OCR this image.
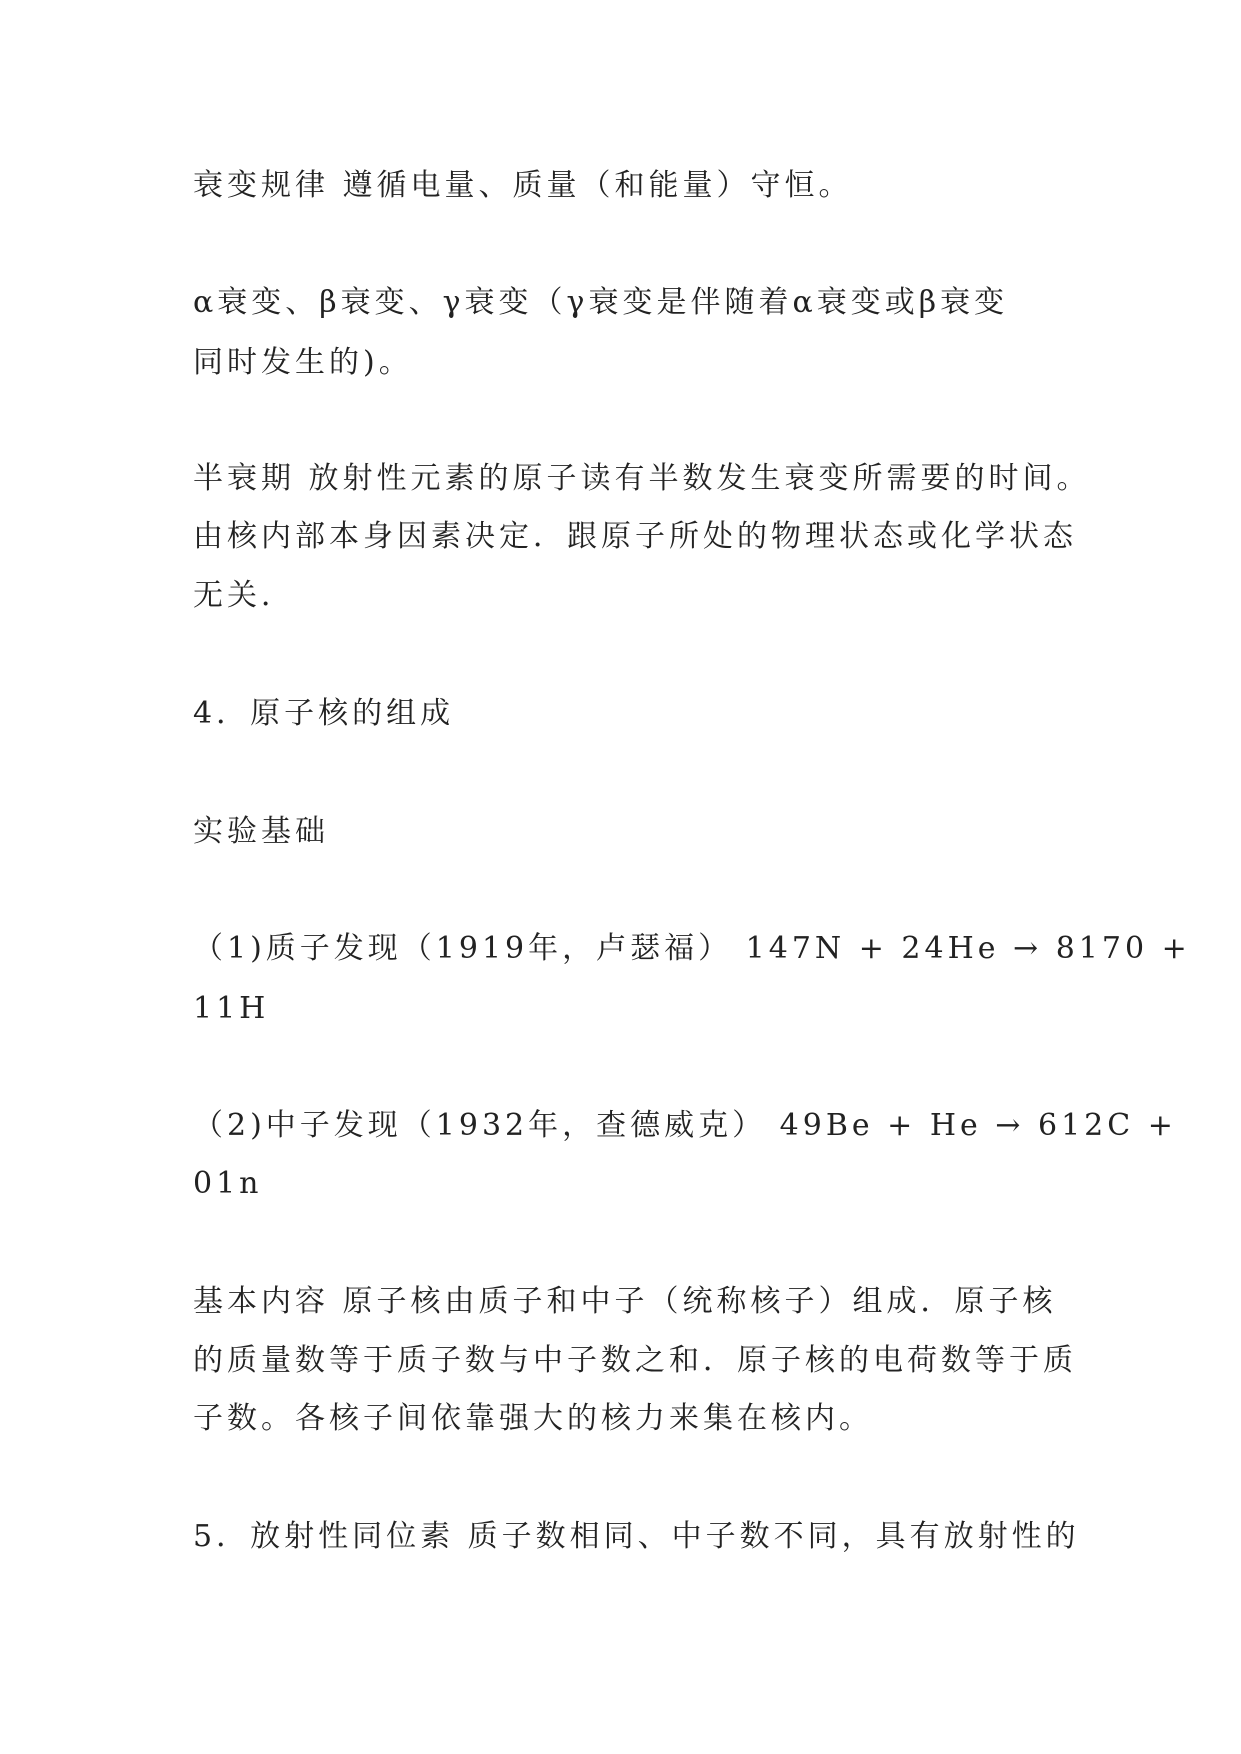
衰变规律 遵循电量、质量（和能量）守恒。
α衰变、β衰变、γ衰变（γ衰变是伴随着α衰变或β衰变
同时发生的)。
半衰期 放射性元素的原子读有半数发生衰变所需要的时间。
由核内部本身因素决定．跟原子所处的物理状态或化学状态
无关．
4．原子核的组成
实验基础
（1)质子发现（1919年，卢瑟福） 147N + 24He → 8170 +
11H
（2)中子发现（1932年，查德威克） 49Be + He → 612C +
01n
基本内容 原子核由质子和中子（统称核子）组成．原子核
的质量数等于质子数与中子数之和．原子核的电荷数等于质
子数。各核子间依靠强大的核力来集在核内。
5．放射性同位素 质子数相同、中子数不同，具有放射性的
